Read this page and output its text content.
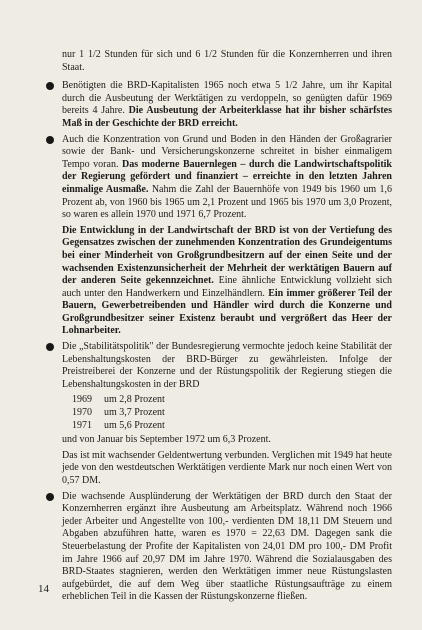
nur 1 1/2 Stunden für sich und 6 1/2 Stunden für die Konzernherren und ihren Staat.
Benötigten die BRD-Kapitalisten 1965 noch etwa 5 1/2 Jahre, um ihr Kapital durch die Ausbeutung der Werktätigen zu verdoppeln, so genügten dafür 1969 bereits 4 Jahre. Die Ausbeutung der Arbeiterklasse hat ihr bisher schärfstes Maß in der Geschichte der BRD erreicht.
Auch die Konzentration von Grund und Boden in den Händen der Großagrarier sowie der Bank- und Versicherungskonzerne schreitet in bisher einmaligem Tempo voran. Das moderne Bauernlegen – durch die Landwirtschaftspolitik der Regierung gefördert und finanziert – erreichte in den letzten Jahren einmalige Ausmaße. Nahm die Zahl der Bauernhöfe von 1949 bis 1960 um 1,6 Prozent ab, von 1960 bis 1965 um 2,1 Prozent und 1965 bis 1970 um 3,0 Prozent, so waren es allein 1970 und 1971 6,7 Prozent.
Die Entwicklung in der Landwirtschaft der BRD ist von der Vertiefung des Gegensatzes zwischen der zunehmenden Konzentration des Grundeigentums bei einer Minderheit von Großgrundbesitzern auf der einen Seite und der wachsenden Existenzunsicherheit der Mehrheit der werktätigen Bauern auf der anderen Seite gekennzeichnet. Eine ähnliche Entwicklung vollzieht sich auch unter den Handwerkern und Einzelhändlern. Ein immer größerer Teil der Bauern, Gewerbetreibenden und Händler wird durch die Konzerne und Großgrundbesitzer seiner Existenz beraubt und vergrößert das Heer der Lohnarbeiter.
Die „Stabilitätspolitik" der Bundesregierung vermochte jedoch keine Stabilität der Lebenshaltungskosten der BRD-Bürger zu gewährleisten. Infolge der Preistreiberei der Konzerne und der Rüstungspolitik der Regierung stiegen die Lebenshaltungskosten in der BRD
1969	um 2,8 Prozent
1970	um 3,7 Prozent
1971	um 5,6 Prozent
und von Januar bis September 1972 um 6,3 Prozent.
Das ist mit wachsender Geldentwertung verbunden. Verglichen mit 1949 hat heute jede von den westdeutschen Werktätigen verdiente Mark nur noch einen Wert von 0,57 DM.
Die wachsende Ausplünderung der Werktätigen der BRD durch den Staat der Konzernherren ergänzt ihre Ausbeutung am Arbeitsplatz. Während noch 1966 jeder Arbeiter und Angestellte von 100,- verdienten DM 18,11 DM Steuern und Abgaben abzuführen hatte, waren es 1970 = 22,63 DM. Dagegen sank die Steuerbelastung der Profite der Kapitalisten von 24,01 DM pro 100,- DM Profit im Jahre 1966 auf 20,97 DM im Jahre 1970. Während die Sozialausgaben des BRD-Staates stagnieren, werden den Werktätigen immer neue Rüstungslasten aufgebürdet, die auf dem Weg über staatliche Rüstungsaufträge zu einem erheblichen Teil in die Kassen der Rüstungskonzerne fließen.
14
